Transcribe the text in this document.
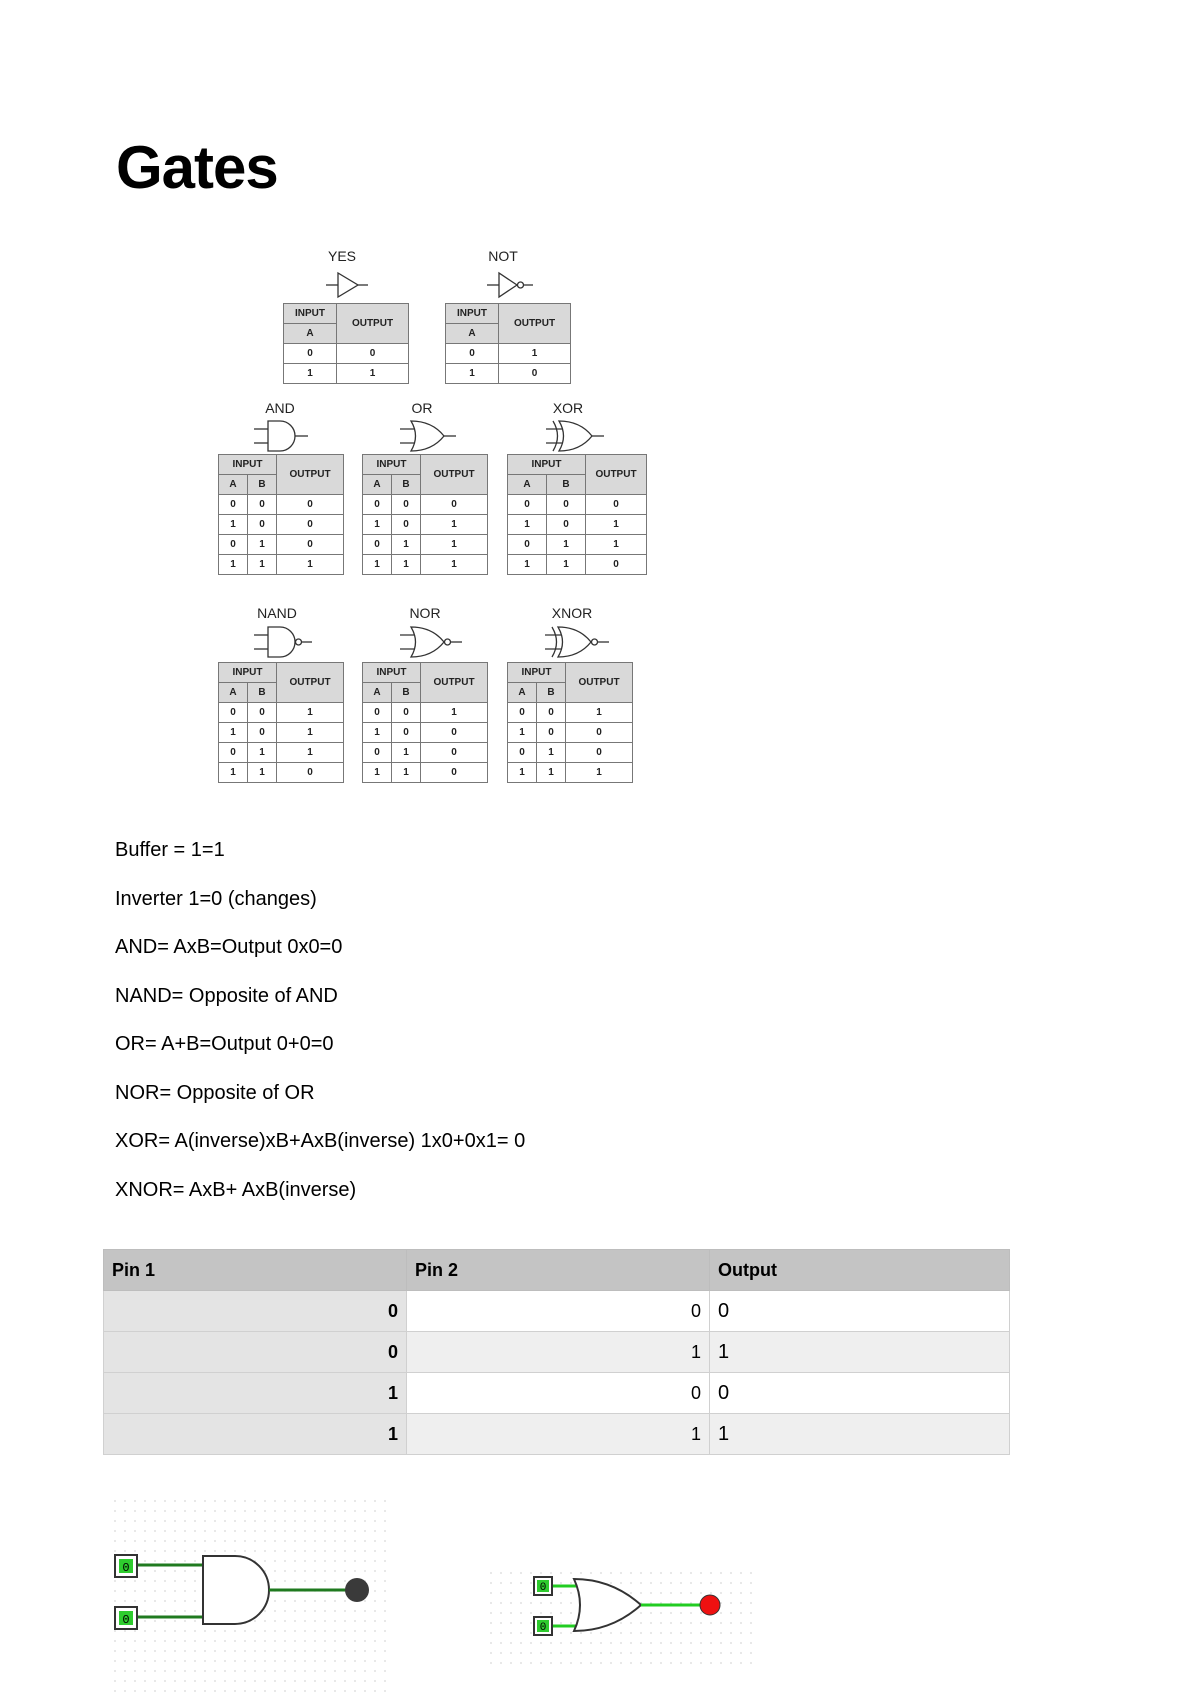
Gates
YES
INPUT	OUTPUT
A	
0	0
1	1
NOT
INPUT	OUTPUT
A	
0	1
1	0
AND
INPUT		OUTPUT
A	B	
0	0	0
1	0	0
0	1	0
1	1	1
OR
INPUT		OUTPUT
A	B	
0	0	0
1	0	1
0	1	1
1	1	1
XOR
INPUT		OUTPUT
A	B	
0	0	0
1	0	1
0	1	1
1	1	0
NAND
INPUT		OUTPUT
A	B	
0	0	1
1	0	1
0	1	1
1	1	0
NOR
INPUT		OUTPUT
A	B	
0	0	1
1	0	0
0	1	0
1	1	0
XNOR
INPUT		OUTPUT
A	B	
0	0	1
1	0	0
0	1	0
1	1	1
Buffer = 1=1
Inverter 1=0 (changes)
AND= AxB=Output 0x0=0
NAND= Opposite of AND
OR= A+B=Output 0+0=0
NOR= Opposite of OR
XOR= A(inverse)xB+AxB(inverse) 1x0+0x1= 0
XNOR= AxB+ AxB(inverse)
Pin 1	Pin 2	Output
0	0	0
0	1	1
1	0	0
1	1	1
0
0
0
0
